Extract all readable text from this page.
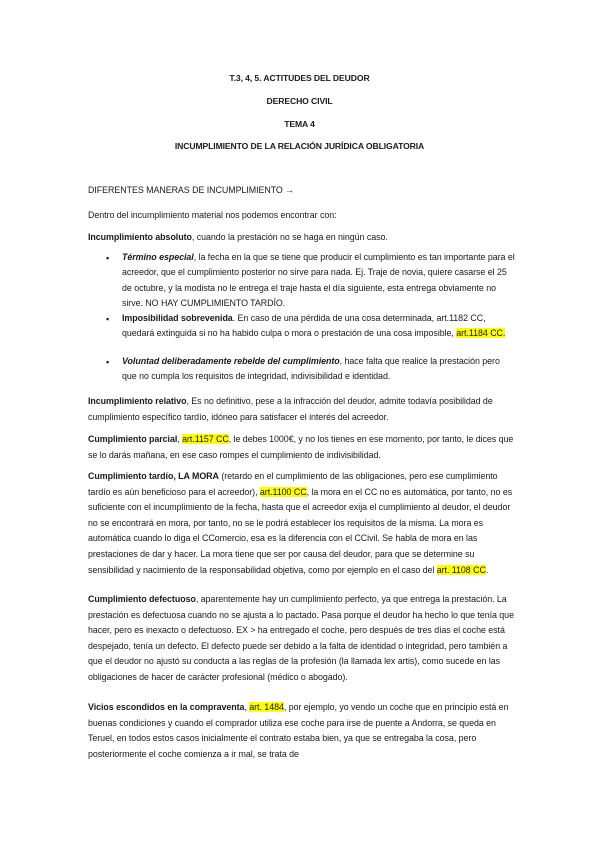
T.3, 4, 5. ACTITUDES DEL DEUDOR
DERECHO CIVIL
TEMA 4
INCUMPLIMIENTO DE LA RELACIÓN JURÍDICA OBLIGATORIA
DIFERENTES MANERAS DE INCUMPLIMIENTO →
Dentro del incumplimiento material nos podemos encontrar con:
Incumplimiento absoluto, cuando la prestación no se haga en ningún caso.
▪	Término especial, la fecha en la que se tiene que producir el cumplimiento es tan importante para el acreedor, que el cumplimiento posterior no sirve para nada. Ej. Traje de novia, quiere casarse el 25 de octubre, y la modista no le entrega el traje hasta el día siguiente, esta entrega obviamente no sirve. NO HAY CUMPLIMIENTO TARDÍO.
▪	Imposibilidad sobrevenida. En caso de una pérdida de una cosa determinada, art.1182 CC, quedará extinguida si no ha habido culpa o mora o prestación de una cosa imposible, art.1184 CC.
▪	Voluntad deliberadamente rebelde del cumplimiento, hace falta que realice la prestación pero que no cumpla los requisitos de integridad, indivisibilidad e identidad.
Incumplimiento relativo, Es no definitivo, pese a la infracción del deudor, admite todavía posibilidad de cumplimiento específico tardío, idóneo para satisfacer el interés del acreedor.
Cumplimiento parcial, art.1157 CC, le debes 1000€, y no los tienes en ese momento, por tanto, le dices que se lo darás mañana, en ese caso rompes el cumplimiento de indivisibilidad.
Cumplimiento tardío, LA MORA (retardo en el cumplimiento de las obligaciones, pero ese cumplimiento tardío es aún beneficioso para el acreedor), art.1100 CC, la mora en el CC no es automática, por tanto, no es suficiente con el incumplimiento de la fecha, hasta que el acreedor exija el cumplimiento al deudor, el deudor no se encontrará en mora, por tanto, no se le podrá establecer los requisitos de la misma. La mora es automática cuando lo diga el CComercio, esa es la diferencia con el CCivil. Se habla de mora en las prestaciones de dar y hacer. La mora tiene que ser por causa del deudor, para que se determine su sensibilidad y nacimiento de la responsabilidad objetiva, como por ejemplo en el caso del art. 1108 CC.
Cumplimiento defectuoso, aparentemente hay un cumplimiento perfecto, ya que entrega la prestación. La prestación es defectuosa cuando no se ajusta a lo pactado. Pasa porque el deudor ha hecho lo que tenía que hacer, pero es inexacto o defectuoso. EX > ha entregado el coche, pero después de tres días el coche está despejado, tenía un defecto. El defecto puede ser debido a la falta de identidad o integridad, pero también a que el deudor no ajustó su conducta a las reglas de la profesión (la llamada lex artis), como sucede en las obligaciones de hacer de carácter profesional (médico o abogado).
Vicios escondidos en la compraventa, art. 1484, por ejemplo, yo vendo un coche que en principio está en buenas condiciones y cuando el comprador utiliza ese coche para irse de puente a Andorra, se queda en Teruel, en todos estos casos inicialmente el contrato estaba bien, ya que se entregaba la cosa, pero posteriormente el coche comienza a ir mal, se trata de
